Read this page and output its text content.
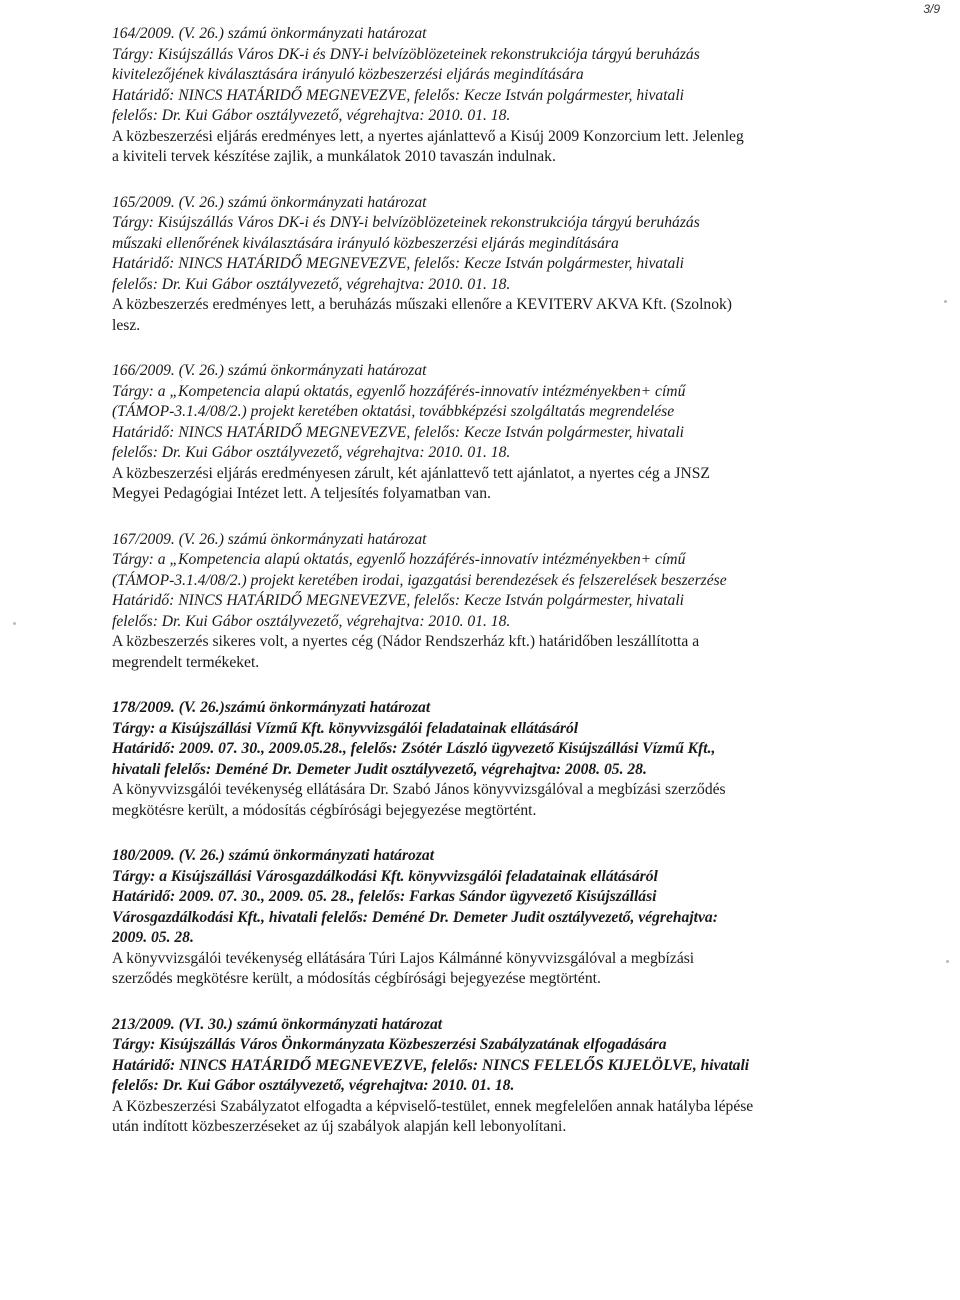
3/9

164/2009. (V. 26.) számú önkormányzati határozat

Tárgy: Kisújszállás Város DK-i és DNY-i belvízöblözeteinek rekonstrukciója tárgyú beruházás

kivitelezőjének kiválasztására irányuló közbeszerzési eljárás megindítására

Határidő: NINCS HATÁRIDŐ MEGNEVEZVE, felelős: Kecze István polgármester, hivatali

felelős: Dr. Kui Gábor osztályvezető, végrehajtva: 2010. 01. 18.

A közbeszerzési eljárás eredményes lett, a nyertes ajánlattevő a Kisúj 2009 Konzorcium lett. Jelenleg

a kiviteli tervek készítése zajlik, a munkálatok 2010 tavaszán indulnak.

165/2009. (V. 26.) számú önkormányzati határozat

Tárgy: Kisújszállás Város DK-i és DNY-i belvízöblözeteinek rekonstrukciója tárgyú beruházás

műszaki ellenőrének kiválasztására irányuló közbeszerzési eljárás megindítására

Határidő: NINCS HATÁRIDŐ MEGNEVEZVE, felelős: Kecze István polgármester, hivatali

felelős: Dr. Kui Gábor osztályvezető, végrehajtva: 2010. 01. 18.

A közbeszerzés eredményes lett, a beruházás műszaki ellenőre a KEVITERV AKVA Kft. (Szolnok)

lesz.

166/2009. (V. 26.) számú önkormányzati határozat

Tárgy: a „Kompetencia alapú oktatás, egyenlő hozzáférés-innovatív intézményekben+ című

(TÁMOP-3.1.4/08/2.) projekt keretében oktatási, továbbképzési szolgáltatás megrendelése

Határidő: NINCS HATÁRIDŐ MEGNEVEZVE, felelős: Kecze István polgármester, hivatali

felelős: Dr. Kui Gábor osztályvezető, végrehajtva: 2010. 01. 18.

A közbeszerzési eljárás eredményesen zárult, két ajánlattevő tett ajánlatot, a nyertes cég a JNSZ

Megyei Pedagógiai Intézet lett. A teljesítés folyamatban van.

167/2009. (V. 26.) számú önkormányzati határozat

Tárgy: a „Kompetencia alapú oktatás, egyenlő hozzáférés-innovatív intézményekben+ című

(TÁMOP-3.1.4/08/2.) projekt keretében irodai, igazgatási berendezések és felszerelések beszerzése

Határidő: NINCS HATÁRIDŐ MEGNEVEZVE, felelős: Kecze István polgármester, hivatali

felelős: Dr. Kui Gábor osztályvezető, végrehajtva: 2010. 01. 18.

A közbeszerzés sikeres volt, a nyertes cég (Nádor Rendszerház kft.) határidőben leszállította a

megrendelt termékeket.

178/2009. (V. 26.)számú önkormányzati határozat

Tárgy: a Kisújszállási Vízmű Kft. könyvvizsgálói feladatainak ellátásáról

Határidő: 2009. 07. 30., 2009.05.28., felelős: Zsótér László ügyvezető Kisújszállási Vízmű Kft.,

hivatali felelős: Deméné Dr. Demeter Judit osztályvezető, végrehajtva: 2008. 05. 28.

A könyvvizsgálói tevékenység ellátására Dr. Szabó János könyvvizsgálóval a megbízási szerződés

megkötésre került, a módosítás cégbírósági bejegyezése megtörtént.

180/2009. (V. 26.) számú önkormányzati határozat

Tárgy: a Kisújszállási Városgazdálkodási Kft. könyvvizsgálói feladatainak ellátásáról

Határidő: 2009. 07. 30., 2009. 05. 28., felelős: Farkas Sándor ügyvezető Kisújszállási

Városgazdálkodási Kft., hivatali felelős: Deméné Dr. Demeter Judit osztályvezető, végrehajtva:

2009. 05. 28.

A könyvvizsgálói tevékenység ellátására Túri Lajos Kálmánné könyvvizsgálóval a megbízási

szerződés megkötésre került, a módosítás cégbírósági bejegyezése megtörtént.

213/2009. (VI. 30.) számú önkormányzati határozat

Tárgy: Kisújszállás Város Önkormányzata Közbeszerzési Szabályzatának elfogadására

Határidő: NINCS HATÁRIDŐ MEGNEVEZVE, felelős: NINCS FELELŐS KIJELÖLVE, hivatali

felelős: Dr. Kui Gábor osztályvezető, végrehajtva: 2010. 01. 18.

A Közbeszerzési Szabályzatot elfogadta a képviselő-testület, ennek megfelelően annak hatályba lépése

után indított közbeszerzéseket az új szabályok alapján kell lebonyolítani.
